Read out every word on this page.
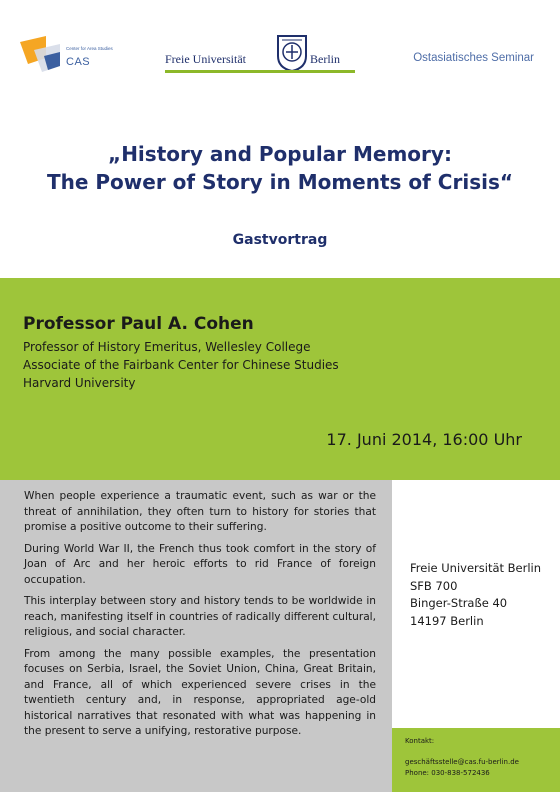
Center for Area Studies
CAS	Freie Universität	Berlin	Ostasiatisches Seminar
„History and Popular Memory:
The Power of Story in Moments of Crisis“
Gastvortrag
Professor Paul A. Cohen
Professor of History Emeritus, Wellesley College
Associate of the Fairbank Center for Chinese Studies
Harvard University
17. Juni 2014, 16:00 Uhr

When people experience a traumatic event, such as war or the threat of annihilation, they often turn to history for stories that promise a positive outcome to their suffering.

During World War II, the French thus took comfort in the story of Joan of Arc and her heroic efforts to rid France of foreign occupation.

This interplay between story and history tends to be worldwide in reach, manifesting itself in countries of radically different cultural, religious, and social character.

From among the many possible examples, the presentation focuses on Serbia, Israel, the Soviet Union, China, Great Britain, and France, all of which experienced severe crises in the twentieth century and, in response, appropriated age-old historical narratives that resonated with what was happening in the present to serve a unifying, restorative purpose.

Freie Universität Berlin
SFB 700
Binger-Straße 40
14197 Berlin
Kontakt:
geschäftsstelle@cas.fu-berlin.de
Phone: 030-838-572436
